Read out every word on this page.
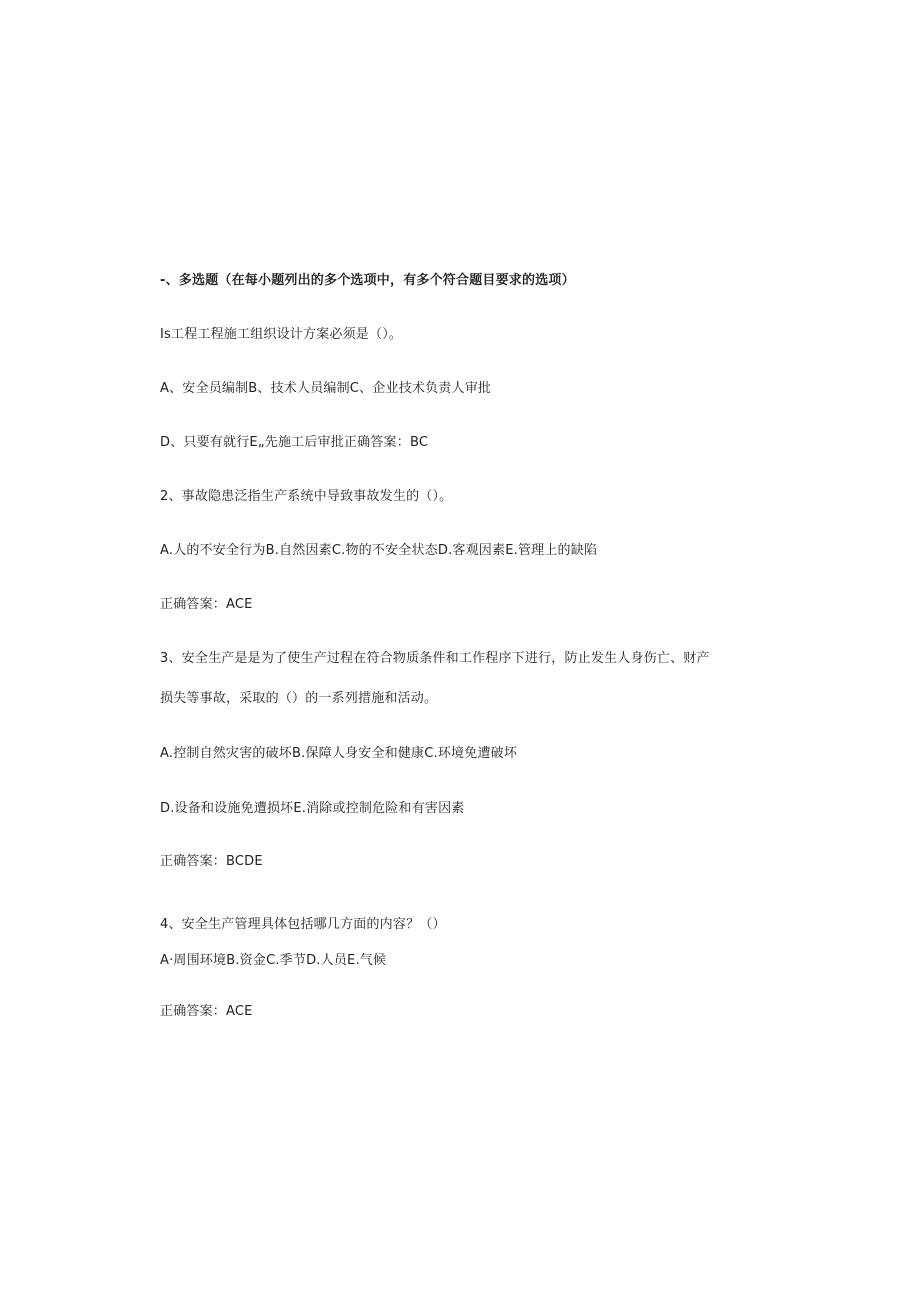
-、多选题（在每小题列出的多个选项中，有多个符合题目要求的选项）
Is工程工程施工组织设计方案必须是（）。
A、安全员编制B、技术人员编制C、企业技术负责人审批
D、只要有就行E„先施工后审批正确答案：BC
2、事故隐患泛指生产系统中导致事故发生的（）。
A.人的不安全行为B.自然因素C.物的不安全状态D.客观因素E.管理上的缺陷
正确答案：ACE
3、安全生产是是为了使生产过程在符合物质条件和工作程序下进行，防止发生人身伤亡、财产
损失等事故，采取的（）的一系列措施和活动。
A.控制自然灾害的破坏B.保障人身安全和健康C.环境免遭破坏
D.设备和设施免遭损坏E.消除或控制危险和有害因素
正确答案：BCDE
4、安全生产管理具体包括哪几方面的内容？（）
A·周围环境B.资金C.季节D.人员E.气候
正确答案：ACE
